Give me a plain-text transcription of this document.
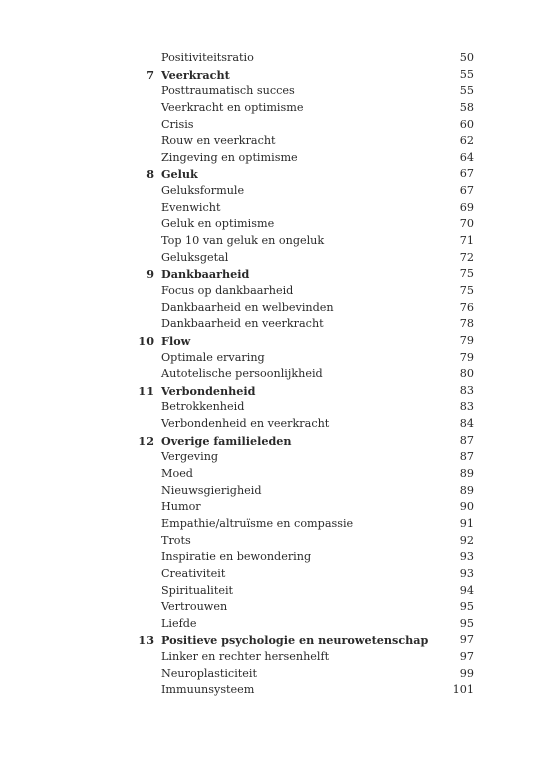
Positiviteitsratio	50
7 Veerkracht	55
Posttraumatisch succes	55
Veerkracht en optimisme	58
Crisis	60
Rouw en veerkracht	62
Zingeving en optimisme	64
8 Geluk	67
Geluksformule	67
Evenwicht	69
Geluk en optimisme	70
Top 10 van geluk en ongeluk	71
Geluksgetal	72
9 Dankbaarheid	75
Focus op dankbaarheid	75
Dankbaarheid en welbevinden	76
Dankbaarheid en veerkracht	78
10 Flow	79
Optimale ervaring	79
Autotelische persoonlijkheid	80
11 Verbondenheid	83
Betrokkenheid	83
Verbondenheid en veerkracht	84
12 Overige familieleden	87
Vergeving	87
Moed	89
Nieuwsgierigheid	89
Humor	90
Empathie/altruïsme en compassie	91
Trots	92
Inspiratie en bewondering	93
Creativiteit	93
Spiritualiteit	94
Vertrouwen	95
Liefde	95
13 Positieve psychologie en neurowetenschap	97
Linker en rechter hersenhelft	97
Neuroplasticiteit	99
Immuunsysteem	101
